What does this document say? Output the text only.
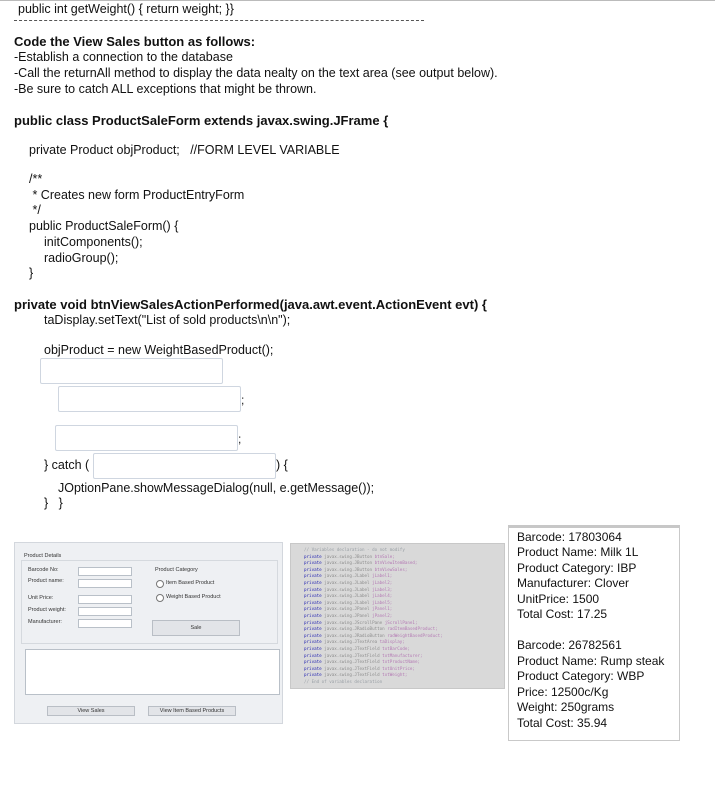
public int getWeight() { return weight; }}
Code the View Sales button as follows:
-Establish a connection to the database
-Call the returnAll method to display the data nealty on the text area (see output below).
-Be sure to catch ALL exceptions that might be thrown.
public class ProductSaleForm extends javax.swing.JFrame {
private Product objProduct;   //FORM LEVEL VARIABLE
/**
* Creates new form ProductEntryForm
*/
public ProductSaleForm() {
initComponents();
radioGroup();
}
private void btnViewSalesActionPerformed(java.awt.event.ActionEvent evt) {
taDisplay.setText("List of sold products\n\n");
objProduct = new WeightBasedProduct();
;
;
} catch (	) {
JOptionPane.showMessageDialog(null, e.getMessage());
}   }
Product Details
Barcode No:
Product name:
Unit Price:
Product weight:
Manufacturer:
Product Category
Item Based Product
Weight Based Product
Sale
View Sales	View Item Based Products
// Variables declaration - do not modify
private javax.swing.JButton btnSale;
private javax.swing.JButton btnViewItemBased;
private javax.swing.JButton btnViewSales;
private javax.swing.JLabel jLabel1;
private javax.swing.JLabel jLabel2;
private javax.swing.JLabel jLabel3;
private javax.swing.JLabel jLabel4;
private javax.swing.JLabel jLabel5;
private javax.swing.JPanel jPanel1;
private javax.swing.JPanel jPanel2;
private javax.swing.JScrollPane jScrollPane1;
private javax.swing.JRadioButton radItemBasedProduct;
private javax.swing.JRadioButton radWeightBasedProduct;
private javax.swing.JTextArea taDisplay;
private javax.swing.JTextField txtBarCode;
private javax.swing.JTextField txtManufacturer;
private javax.swing.JTextField txtProductName;
private javax.swing.JTextField txtUnitPrice;
private javax.swing.JTextField txtWeight;
// End of variables declaration
Barcode: 17803064
Product Name: Milk 1L
Product Category: IBP
Manufacturer: Clover
UnitPrice: 1500
Total Cost: 17.25
Barcode: 26782561
Product Name: Rump steak
Product Category: WBP
Price: 12500c/Kg
Weight: 250grams
Total Cost: 35.94
